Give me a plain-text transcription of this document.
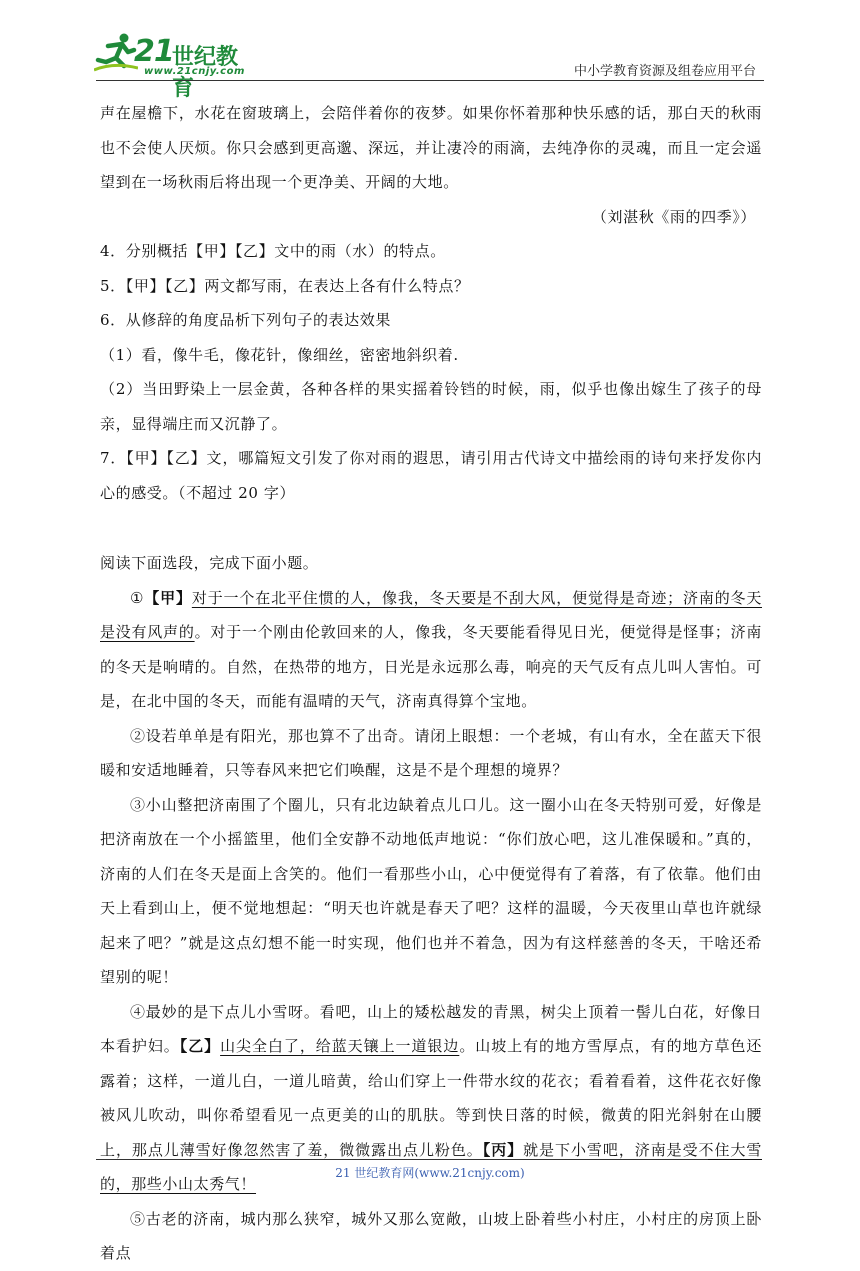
21
世纪教育
www.21cnjy.com	中小学教育资源及组卷应用平台

声在屋檐下，水花在窗玻璃上，会陪伴着你的夜梦。如果你怀着那种快乐感的话，那白天的秋雨也不会使人厌烦。你只会感到更高邈、深远，并让凄冷的雨滴，去纯净你的灵魂，而且一定会遥望到在一场秋雨后将出现一个更净美、开阔的大地。

（刘湛秋《雨的四季》）

4．分别概括【甲】【乙】文中的雨（水）的特点。

5．【甲】【乙】两文都写雨，在表达上各有什么特点？

6．从修辞的角度品析下列句子的表达效果

（1）看，像牛毛，像花针，像细丝，密密地斜织着.

（2）当田野染上一层金黄，各种各样的果实摇着铃铛的时候，雨，似乎也像出嫁生了孩子的母亲，显得端庄而又沉静了。

7．【甲】【乙】文，哪篇短文引发了你对雨的遐思，请引用古代诗文中描绘雨的诗句来抒发你内心的感受。（不超过 20 字）

阅读下面选段，完成下面小题。

①【甲】对于一个在北平住惯的人，像我，冬天要是不刮大风，便觉得是奇迹；济南的冬天是没有风声的。对于一个刚由伦敦回来的人，像我，冬天要能看得见日光，便觉得是怪事；济南的冬天是响晴的。自然，在热带的地方，日光是永远那么毒，响亮的天气反有点儿叫人害怕。可是，在北中国的冬天，而能有温晴的天气，济南真得算个宝地。

②设若单单是有阳光，那也算不了出奇。请闭上眼想：一个老城，有山有水，全在蓝天下很暖和安适地睡着，只等春风来把它们唤醒，这是不是个理想的境界？

③小山整把济南围了个圈儿，只有北边缺着点儿口儿。这一圈小山在冬天特别可爱，好像是把济南放在一个小摇篮里，他们全安静不动地低声地说：“你们放心吧，这儿准保暖和。”真的，济南的人们在冬天是面上含笑的。他们一看那些小山，心中便觉得有了着落，有了依靠。他们由天上看到山上，便不觉地想起：“明天也许就是春天了吧？这样的温暖，今天夜里山草也许就绿起来了吧？”就是这点幻想不能一时实现，他们也并不着急，因为有这样慈善的冬天，干啥还希望别的呢！

④最妙的是下点儿小雪呀。看吧，山上的矮松越发的青黑，树尖上顶着一髻儿白花，好像日本看护妇。【乙】山尖全白了，给蓝天镶上一道银边。山坡上有的地方雪厚点，有的地方草色还露着；这样，一道儿白，一道儿暗黄，给山们穿上一件带水纹的花衣；看着看着，这件花衣好像被风儿吹动，叫你希望看见一点更美的山的肌肤。等到快日落的时候，微黄的阳光斜射在山腰上，那点儿薄雪好像忽然害了羞，微微露出点儿粉色。【丙】就是下小雪吧，济南是受不住大雪的，那些小山太秀气！

⑤古老的济南，城内那么狭窄，城外又那么宽敞，山坡上卧着些小村庄，小村庄的房顶上卧着点

21 世纪教育网(www.21cnjy.com)
